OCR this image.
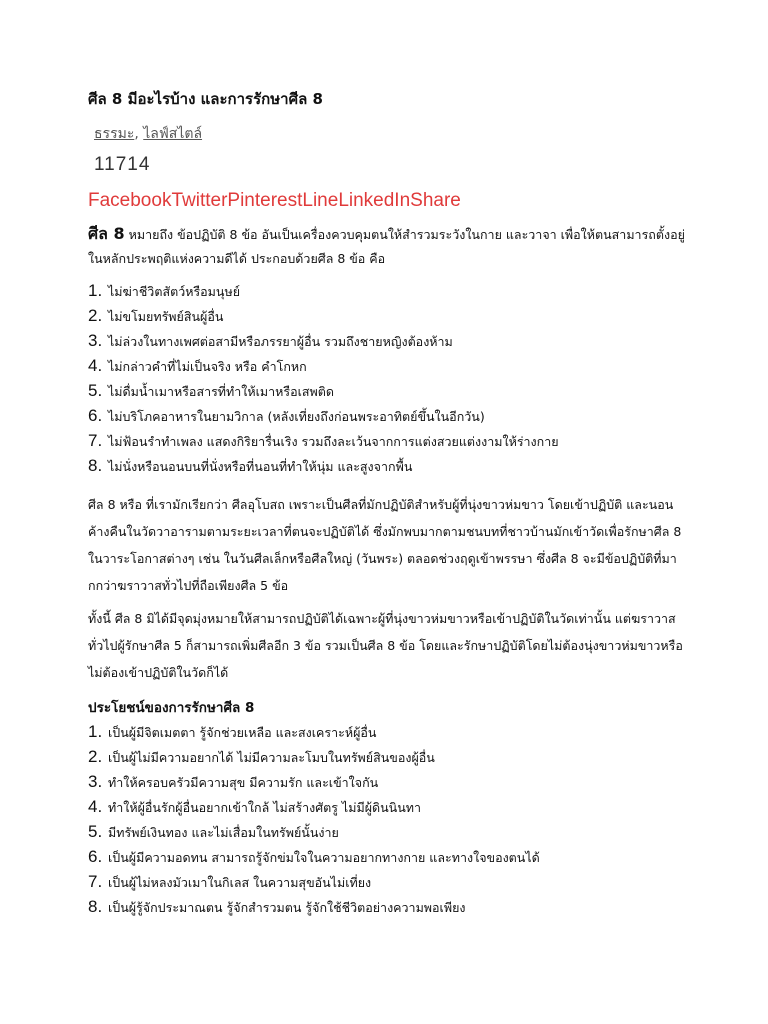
ศีล 8 มีอะไรบ้าง และการรักษาศีล 8
ธรรมะ, ไลฟ์สไตล์
11714
FacebookTwitterPinterestLineLinkedInShare

ศีล 8 หมายถึง ข้อปฏิบัติ 8 ข้อ อันเป็นเครื่องควบคุมตนให้สำรวมระวังในกาย และวาจา เพื่อให้ตนสามารถตั้งอยู่ในหลักประพฤติแห่งความดีได้ ประกอบด้วยศีล 8 ข้อ คือ

1. ไม่ฆ่าชีวิตสัตว์หรือมนุษย์
2. ไม่ขโมยทรัพย์สินผู้อื่น
3. ไม่ล่วงในทางเพศต่อสามีหรือภรรยาผู้อื่น รวมถึงชายหญิงต้องห้าม
4. ไม่กล่าวคำที่ไม่เป็นจริง หรือ คำโกหก
5. ไม่ดื่มน้ำเมาหรือสารที่ทำให้เมาหรือเสพติด
6. ไม่บริโภคอาหารในยามวิกาล (หลังเที่ยงถึงก่อนพระอาทิตย์ขึ้นในอีกวัน)
7. ไม่ฟ้อนรำทำเพลง แสดงกิริยารื่นเริง รวมถึงละเว้นจากการแต่งสวยแต่งงามให้ร่างกาย
8. ไม่นั่งหรือนอนบนที่นั่งหรือที่นอนที่ทำให้นุ่ม และสูงจากพื้น

ศีล 8 หรือ ที่เรามักเรียกว่า ศีลอุโบสถ เพราะเป็นศีลที่มักปฏิบัติสำหรับผู้ที่นุ่งขาวห่มขาว โดยเข้าปฏิบัติ และนอนค้างคืนในวัดวาอารามตามระยะเวลาที่ตนจะปฏิบัติได้ ซึ่งมักพบมากตามชนบทที่ชาวบ้านมักเข้าวัดเพื่อรักษาศีล 8 ในวาระโอกาสต่างๆ เช่น ในวันศีลเล็กหรือศีลใหญ่ (วันพระ) ตลอดช่วงฤดูเข้าพรรษา ซึ่งศีล 8 จะมีข้อปฏิบัติที่มากกว่าฆราวาสทั่วไปที่ถือเพียงศีล 5 ข้อ

ทั้งนี้ ศีล 8 มิได้มีจุดมุ่งหมายให้สามารถปฏิบัติได้เฉพาะผู้ที่นุ่งขาวห่มขาวหรือเข้าปฏิบัติในวัดเท่านั้น แต่ฆราวาสทั่วไปผู้รักษาศีล 5 ก็สามารถเพิ่มศีลอีก 3 ข้อ รวมเป็นศีล 8 ข้อ โดยและรักษาปฏิบัติโดยไม่ต้องนุ่งขาวห่มขาวหรือไม่ต้องเข้าปฏิบัติในวัดก็ได้

ประโยชน์ของการรักษาศีล 8
1. เป็นผู้มีจิตเมตตา รู้จักช่วยเหลือ และสงเคราะห์ผู้อื่น
2. เป็นผู้ไม่มีความอยากได้ ไม่มีความละโมบในทรัพย์สินของผู้อื่น
3. ทำให้ครอบครัวมีความสุข มีความรัก และเข้าใจกัน
4. ทำให้ผู้อื่นรักผู้อื่นอยากเข้าใกล้ ไม่สร้างศัตรู ไม่มีผู้ดินนินทา
5. มีทรัพย์เงินทอง และไม่เสื่อมในทรัพย์นั้นง่าย
6. เป็นผู้มีความอดทน สามารถรู้จักข่มใจในความอยากทางกาย และทางใจของตนได้
7. เป็นผู้ไม่หลงมัวเมาในกิเลส ในความสุขอันไม่เที่ยง
8. เป็นผู้รู้จักประมาณตน รู้จักสำรวมตน รู้จักใช้ชีวิตอย่างความพอเพียง
